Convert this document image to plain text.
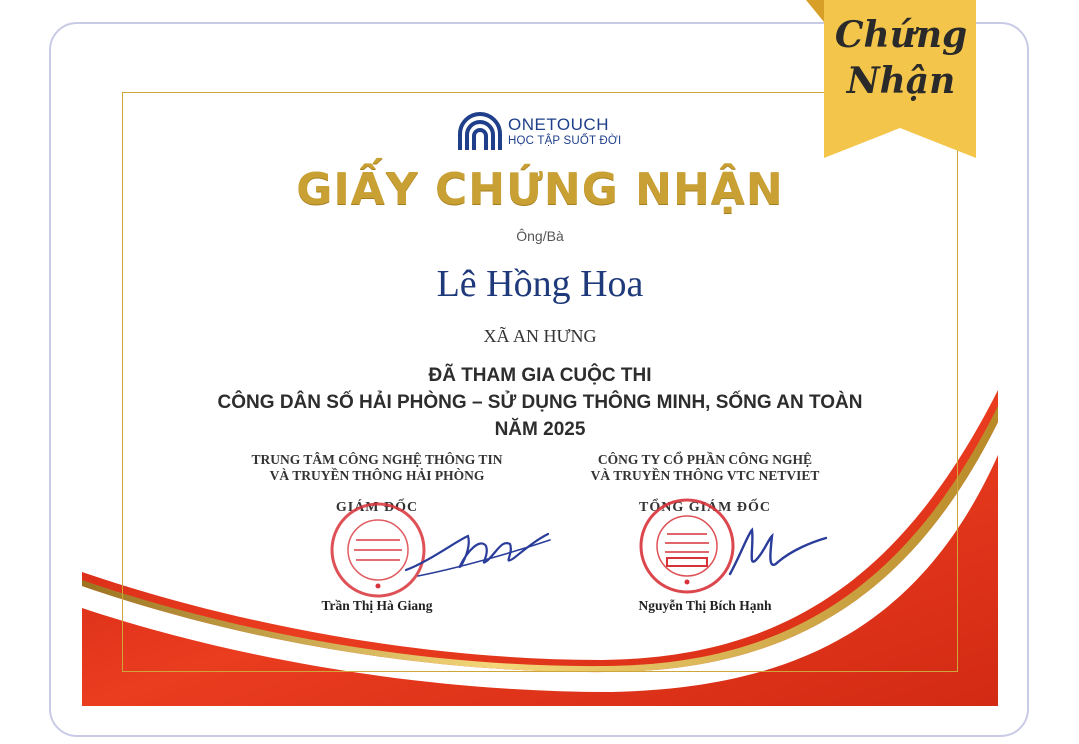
ONETOUCH
HỌC TẬP SUỐT ĐỜI
GIẤY CHỨNG NHẬN
Ông/Bà
Lê Hồng Hoa
XÃ AN HƯNG
ĐÃ THAM GIA CUỘC THI
CÔNG DÂN SỐ HẢI PHÒNG – SỬ DỤNG THÔNG MINH, SỐNG AN TOÀN
NĂM 2025
TRUNG TÂM CÔNG NGHỆ THÔNG TIN
VÀ TRUYỀN THÔNG HẢI PHÒNG
GIÁM ĐỐC
CÔNG TY CỔ PHẦN CÔNG NGHỆ
VÀ TRUYỀN THÔNG VTC NETVIET
TỔNG GIÁM ĐỐC
Trần Thị Hà Giang	Nguyễn Thị Bích Hạnh
Chứng
Nhận
